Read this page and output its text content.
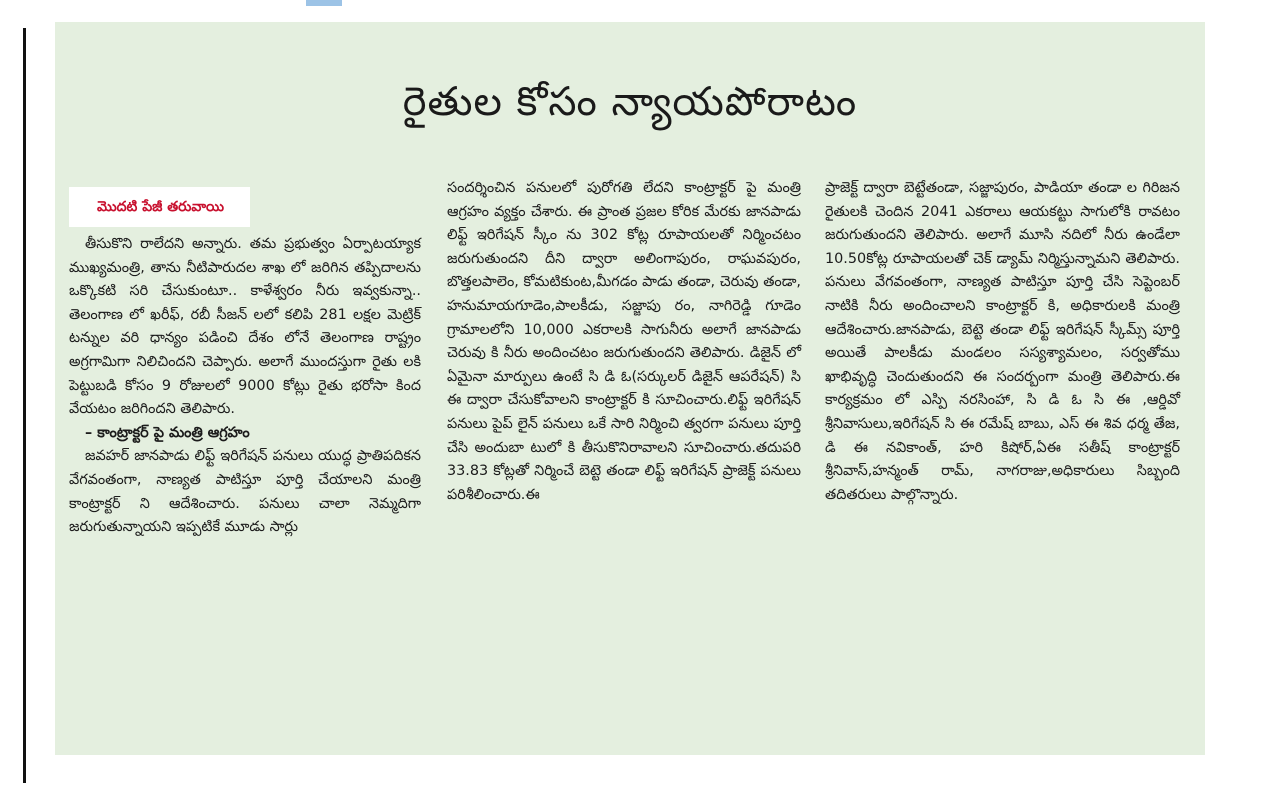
రైతుల కోసం న్యాయపోరాటం
మొదటి పేజీ తరువాయి

తీసుకొని రాలేదని అన్నారు. తమ ప్రభుత్వం ఏర్పాటయ్యాక ముఖ్యమంత్రి, తాను నీటిపారుదల శాఖ లో జరిగిన తప్పిదాలను ఒక్కొకటి సరి చేసుకుంటూ.. కాళేశ్వరం నీరు ఇవ్వకున్నా.. తెలంగాణ లో ఖరీఫ్, రబీ సీజన్ లలో కలిపి 281 లక్షల మెట్రిక్ టన్నుల వరి ధాన్యం పడించి దేశం లోనే తెలంగాణ రాష్ట్రం అగ్రగామిగా నిలిచిందని చెప్పారు. అలాగే ముందస్తుగా రైతు లకి పెట్టుబడి కోసం 9 రోజులలో 9000 కోట్లు రైతు భరోసా కింద వేయటం జరిగిందని తెలిపారు.

– కాంట్రాక్టర్ పై మంత్రి ఆగ్రహం

జవహర్ జానపాడు లిఫ్ట్ ఇరిగేషన్ పనులు యుద్ధ ప్రాతిపదికన వేగవంతంగా, నాణ్యత పాటిస్తూ పూర్తి చేయాలని మంత్రి కాంట్రాక్టర్ ని ఆదేశించారు. పనులు చాలా నెమ్మదిగా జరుగుతున్నాయని ఇప్పటికే మూడు సార్లు

సందర్శించిన పనులలో పురోగతి లేదని కాంట్రాక్టర్ పై మంత్రి ఆగ్రహం వ్యక్తం చేశారు. ఈ ప్రాంత ప్రజల కోరిక మేరకు జానపాడు లిఫ్ట్ ఇరిగేషన్ స్కీం ను 302 కోట్ల రూపాయలతో నిర్మించటం జరుగుతుందని దీని ద్వారా అలింగాపురం, రాఘవపురం, బొత్తలపాలెం, కోమటికుంట,మీగడం పాడు తండా, చెరువు తండా, హనుమాయగూడెం,పాలకీడు, సజ్జాపు రం, నాగిరెడ్డి గూడెం గ్రామాలలోని 10,000 ఎకరాలకి సాగునీరు అలాగే జానపాడు చెరువు కి నీరు అందించటం జరుగుతుందని తెలిపారు. డిజైన్ లో ఏమైనా మార్పులు ఉంటే సి డి ఓ(సర్కులర్ డిజైన్ ఆపరేషన్) సి ఈ ద్వారా చేసుకోవాలని కాంట్రాక్టర్ కి సూచించారు.లిఫ్ట్ ఇరిగేషన్ పనులు పైప్ లైన్ పనులు ఒకే సారి నిర్మించి త్వరగా పనులు పూర్తి చేసి అందుబా టులో కి తీసుకొనిరావాలని సూచించారు.తదుపరి 33.83 కోట్లతో నిర్మించే బెట్టె తండా లిఫ్ట్ ఇరిగేషన్ ప్రాజెక్ట్ పనులు పరిశీలించారు.ఈ

ప్రాజెక్ట్ ద్వారా బెట్టేతండా, సజ్జాపురం, పాడియా తండా ల గిరిజన రైతులకి చెందిన 2041 ఎకరాలు ఆయకట్టు సాగులోకి రావటం జరుగుతుందని తెలిపారు. అలాగే మూసి నదిలో నీరు ఉండేలా 10.50కోట్ల రూపాయలతో చెక్ డ్యామ్ నిర్మిస్తున్నామని తెలిపారు. పనులు వేగవంతంగా, నాణ్యత పాటిస్తూ పూర్తి చేసి సెప్టెంబర్ నాటికి నీరు అందించాలని కాంట్రాక్టర్ కి, అధికారులకి మంత్రి ఆదేశించారు.జానపాడు, బెట్టె తండా లిఫ్ట్ ఇరిగేషన్ స్కీమ్స్ పూర్తి అయితే పాలకీడు మండలం సస్యశ్యామలం, సర్వతోము ఖాభివృద్ధి చెందుతుందని ఈ సందర్బంగా మంత్రి తెలిపారు.ఈ కార్యక్రమం లో ఎస్పి నరసింహా, సి డి ఓ సి ఈ ,ఆర్డివో శ్రీనివాసులు,ఇరిగేషన్ సి ఈ రమేష్ బాబు, ఎస్ ఈ శివ ధర్మ తేజ, డి ఈ నవికాంత్, హరి కిషోర్,ఏఈ సతీష్ కాంట్రాక్టర్ శ్రీనివాస్,హన్మంత్ రామ్, నాగరాజు,అధికారులు సిబ్బంది తదితరులు పాల్గొన్నారు.
